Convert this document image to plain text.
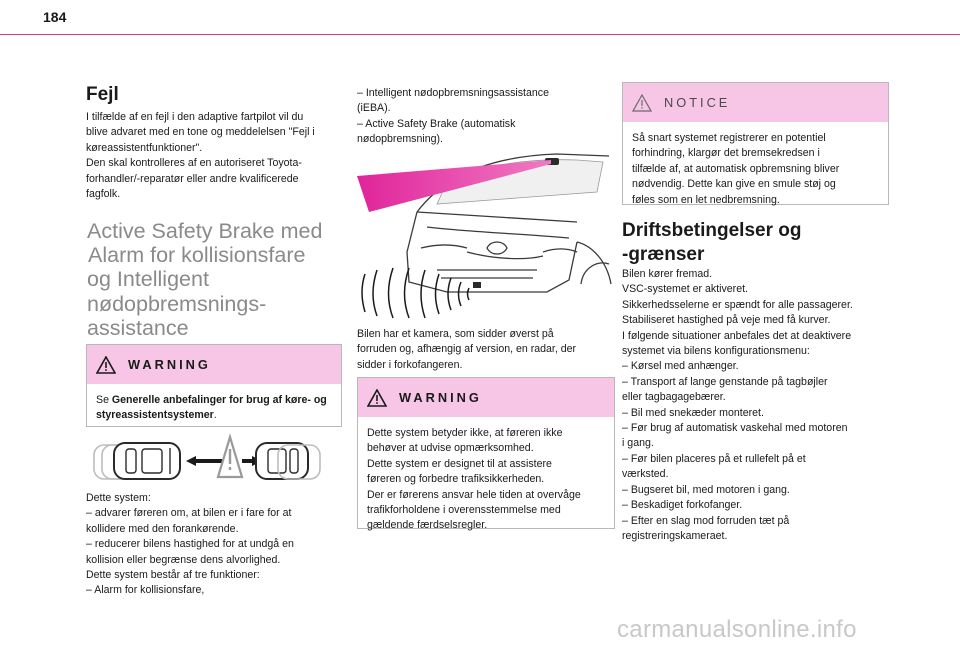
184
Fejl

I tilfælde af en fejl i den adaptive fartpilot vil du

blive advaret med en tone og meddelelsen "Fejl i

køreassistentfunktioner".

Den skal kontrolleres af en autoriseret Toyota-

forhandler/-reparatør eller andre kvalificerede

fagfolk.

Active Safety Brake med
Alarm for kollisionsfare
og Intelligent
nødopbremsnings-
assistance
WARNING
Se Generelle anbefalinger for brug af køre- og styreassistentsystemer.

Dette system:

– advarer føreren om, at bilen er i fare for at

kollidere med den forankørende.

– reducerer bilens hastighed for at undgå en

kollision eller begrænse dens alvorlighed.

Dette system består af tre funktioner:

– Alarm for kollisionsfare,

– Intelligent nødopbremsningsassistance

(iEBA).

– Active Safety Brake (automatisk

nødopbremsning).

Bilen har et kamera, som sidder øverst på

forruden og, afhængig af version, en radar, der

sidder i forkofangeren.

WARNING

Dette system betyder ikke, at føreren ikke

behøver at udvise opmærksomhed.

Dette system er designet til at assistere

føreren og forbedre trafiksikkerheden.

Der er førerens ansvar hele tiden at overvåge

trafikforholdene i overensstemmelse med

gældende færdselsregler.

NOTICE

Så snart systemet registrerer en potentiel

forhindring, klargør det bremsekredsen i

tilfælde af, at automatisk opbremsning bliver

nødvendig. Dette kan give en smule støj og

føles som en let nedbremsning.

Driftsbetingelser og
-grænser

Bilen kører fremad.

VSC-systemet er aktiveret.

Sikkerhedsselerne er spændt for alle passagerer.

Stabiliseret hastighed på veje med få kurver.

I følgende situationer anbefales det at deaktivere

systemet via bilens konfigurationsmenu:

– Kørsel med anhænger.

– Transport af lange genstande på tagbøjler

eller tagbagagebærer.

– Bil med snekæder monteret.

– Før brug af automatisk vaskehal med motoren

i gang.

– Før bilen placeres på et rullefelt på et

værksted.

– Bugseret bil, med motoren i gang.

– Beskadiget forkofanger.

– Efter en slag mod forruden tæt på

registreringskameraet.

carmanualsonline.info
